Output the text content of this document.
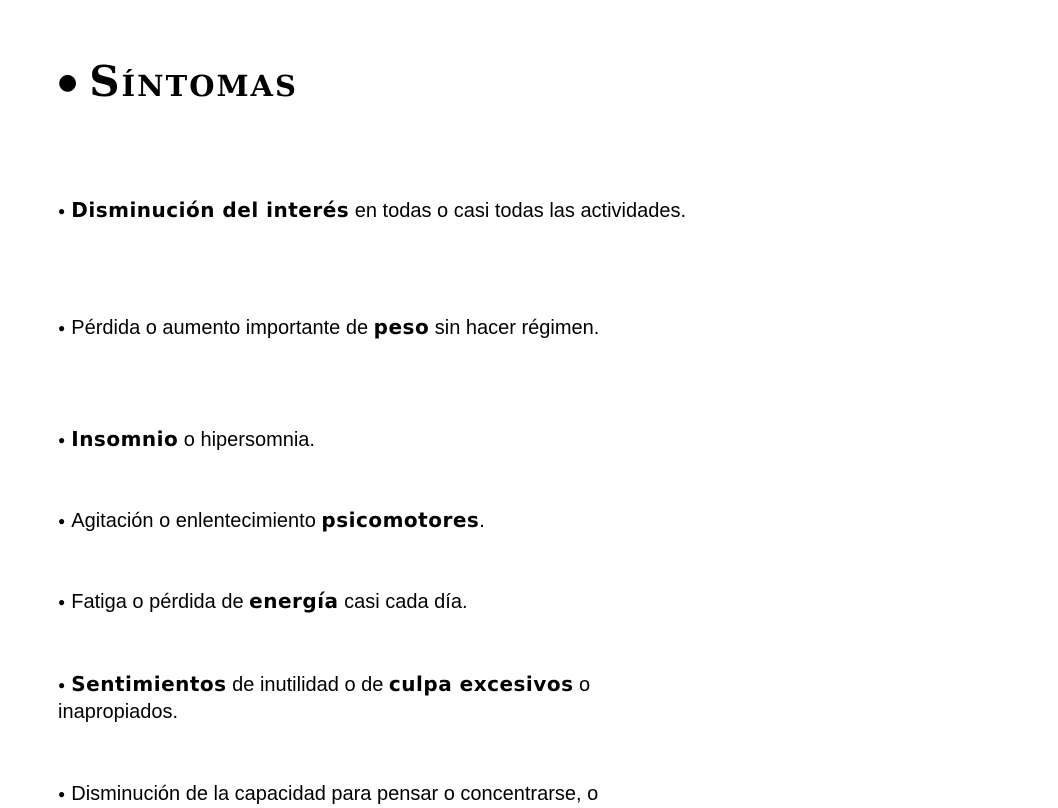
● Síntomas

● Disminución del interés en todas o casi todas las actividades.

● Pérdida o aumento importante de peso sin hacer régimen.

● Insomnio o hipersomnia.

● Agitación o enlentecimiento psicomotores.

● Fatiga o pérdida de energía casi cada día.

● Sentimientos de inutilidad o de culpa excesivos o inapropiados.

● Disminución de la capacidad para pensar o concentrarse, o
